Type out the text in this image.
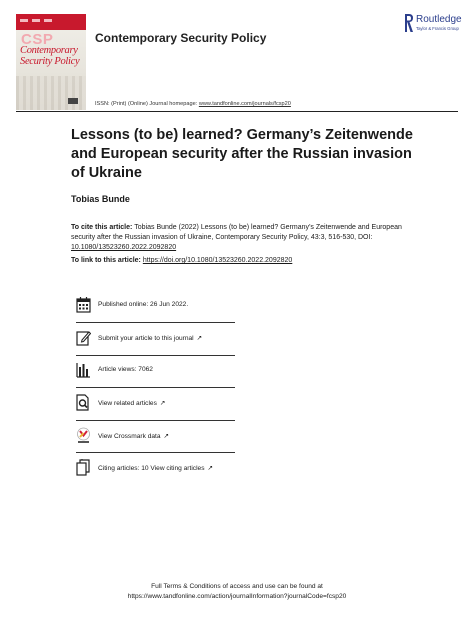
CSP
Contemporary
Security Policy
Contemporary Security Policy
ISSN: (Print) (Online) Journal homepage: www.tandfonline.com/journals/fcsp20
Routledge
Taylor & Francis Group
Lessons (to be) learned? Germany’s Zeitenwende and European security after the Russian invasion of Ukraine
Tobias Bunde
To cite this article: Tobias Bunde (2022) Lessons (to be) learned? Germany’s Zeitenwende and European security after the Russian invasion of Ukraine, Contemporary Security Policy, 43:3, 516-530, DOI: 10.1080/13523260.2022.2092820
To link to this article: https://doi.org/10.1080/13523260.2022.2092820
Published online: 26 Jun 2022.
Submit your article to this journal ↗
Article views: 7062
View related articles ↗
View Crossmark data ↗
Citing articles: 10 View citing articles ↗
Full Terms & Conditions of access and use can be found at
https://www.tandfonline.com/action/journalInformation?journalCode=fcsp20
